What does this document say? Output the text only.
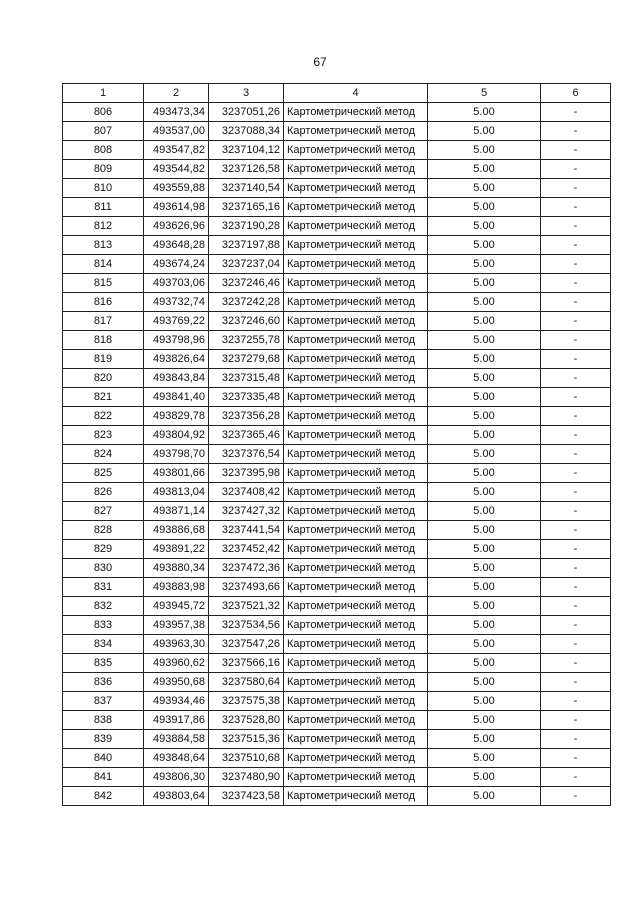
67
1	2	3	4	5	6
806	493473,34	3237051,26	Картометрический метод	5.00	-
807	493537,00	3237088,34	Картометрический метод	5.00	-
808	493547,82	3237104,12	Картометрический метод	5.00	-
809	493544,82	3237126,58	Картометрический метод	5.00	-
810	493559,88	3237140,54	Картометрический метод	5.00	-
811	493614,98	3237165,16	Картометрический метод	5.00	-
812	493626,96	3237190,28	Картометрический метод	5.00	-
813	493648,28	3237197,88	Картометрический метод	5.00	-
814	493674,24	3237237,04	Картометрический метод	5.00	-
815	493703,06	3237246,46	Картометрический метод	5.00	-
816	493732,74	3237242,28	Картометрический метод	5.00	-
817	493769,22	3237246,60	Картометрический метод	5.00	-
818	493798,96	3237255,78	Картометрический метод	5.00	-
819	493826,64	3237279,68	Картометрический метод	5.00	-
820	493843,84	3237315,48	Картометрический метод	5.00	-
821	493841,40	3237335,48	Картометрический метод	5.00	-
822	493829,78	3237356,28	Картометрический метод	5.00	-
823	493804,92	3237365,46	Картометрический метод	5.00	-
824	493798,70	3237376,54	Картометрический метод	5.00	-
825	493801,66	3237395,98	Картометрический метод	5.00	-
826	493813,04	3237408,42	Картометрический метод	5.00	-
827	493871,14	3237427,32	Картометрический метод	5.00	-
828	493886,68	3237441,54	Картометрический метод	5.00	-
829	493891,22	3237452,42	Картометрический метод	5.00	-
830	493880,34	3237472,36	Картометрический метод	5.00	-
831	493883,98	3237493,66	Картометрический метод	5.00	-
832	493945,72	3237521,32	Картометрический метод	5.00	-
833	493957,38	3237534,56	Картометрический метод	5.00	-
834	493963,30	3237547,26	Картометрический метод	5.00	-
835	493960,62	3237566,16	Картометрический метод	5.00	-
836	493950,68	3237580,64	Картометрический метод	5.00	-
837	493934,46	3237575,38	Картометрический метод	5.00	-
838	493917,86	3237528,80	Картометрический метод	5.00	-
839	493884,58	3237515,36	Картометрический метод	5.00	-
840	493848,64	3237510,68	Картометрический метод	5.00	-
841	493806,30	3237480,90	Картометрический метод	5.00	-
842	493803,64	3237423,58	Картометрический метод	5.00	-
